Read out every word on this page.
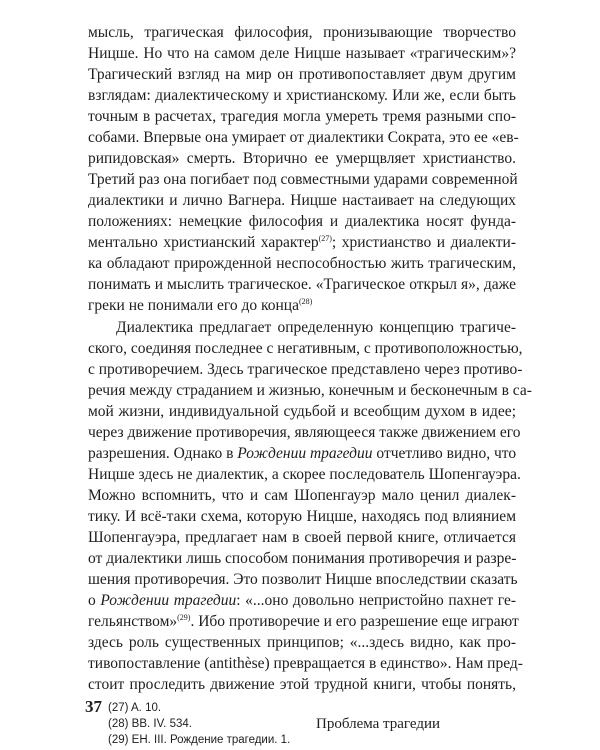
мысль, трагическая философия, пронизывающие творчество
Ницше. Но что на самом деле Ницше называет «трагическим»?
Трагический взгляд на мир он противопоставляет двум другим
взглядам: диалектическому и христианскому. Или же, если быть
точным в расчетах, трагедия могла умереть тремя разными спо-
собами. Впервые она умирает от диалектики Сократа, это ее «ев-
рипидовская» смерть. Вторично ее умерщвляет христианство.
Третий раз она погибает под совместными ударами современной
диалектики и лично Вагнера. Ницше настаивает на следующих
положениях: немецкие философия и диалектика носят фунда-
ментально христианский характер$^{(27)}$; христианство и диалекти-
ка обладают прирожденной неспособностью жить трагическим,
понимать и мыслить трагическое. «Трагическое открыл я», даже
греки не понимали его до конца$^{(28)}$
Диалектика предлагает определенную концепцию трагиче-
ского, соединяя последнее с негативным, с противоположностью,
с противоречием. Здесь трагическое представлено через противо-
речия между страданием и жизнью, конечным и бесконечным в са-
мой жизни, индивидуальной судьбой и всеобщим духом в идее;
через движение противоречия, являющееся также движением его
разрешения. Однако в Рождении трагедии отчетливо видно, что
Ницше здесь не диалектик, а скорее последователь Шопенгауэра.
Можно вспомнить, что и сам Шопенгауэр мало ценил диалек-
тику. И всё-таки схема, которую Ницше, находясь под влиянием
Шопенгауэра, предлагает нам в своей первой книге, отличается
от диалектики лишь способом понимания противоречия и разре-
шения противоречия. Это позволит Ницше впоследствии сказать
о Рождении трагедии: «...оно довольно непристойно пахнет ге-
гельянством»$^{(29)}$. Ибо противоречие и его разрешение еще играют
здесь роль существенных принципов; «...здесь видно, как про-
тивопоставление (antithèse) превращается в единство». Нам пред-
стоит проследить движение этой трудной книги, чтобы понять,
(27) A. 10.
(28) BB. IV. 534.
(29) EH. III. Рождение трагедии. 1.
37
Проблема трагедии
